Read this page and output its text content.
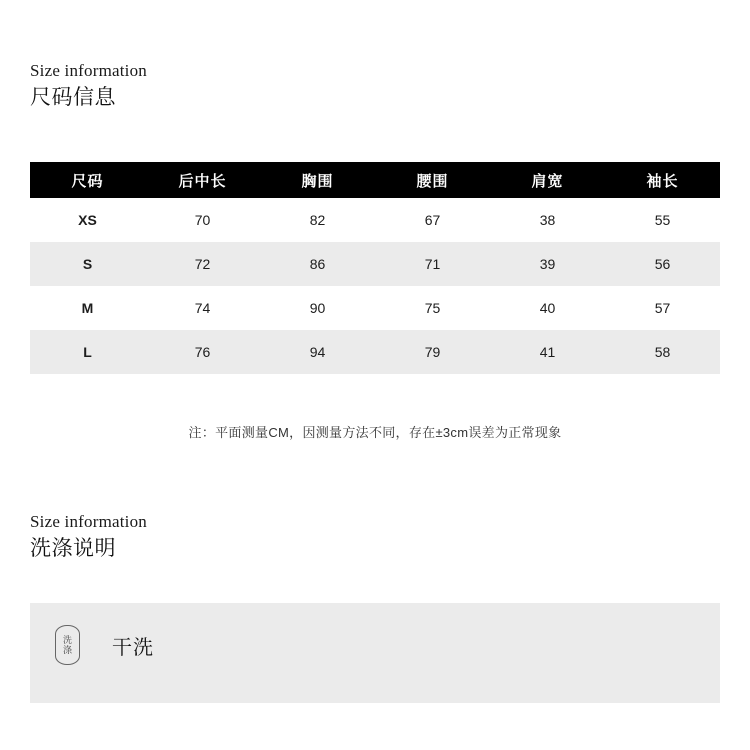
Size information
尺码信息
尺码	后中长	胸围	腰围	肩宽	袖长
XS	70	82	67	38	55
S	72	86	71	39	56
M	74	90	75	40	57
L	76	94	79	41	58
注：平面测量CM，因测量方法不同，存在±3cm误差为正常现象
Size information
洗涤说明
洗
涤 干洗
